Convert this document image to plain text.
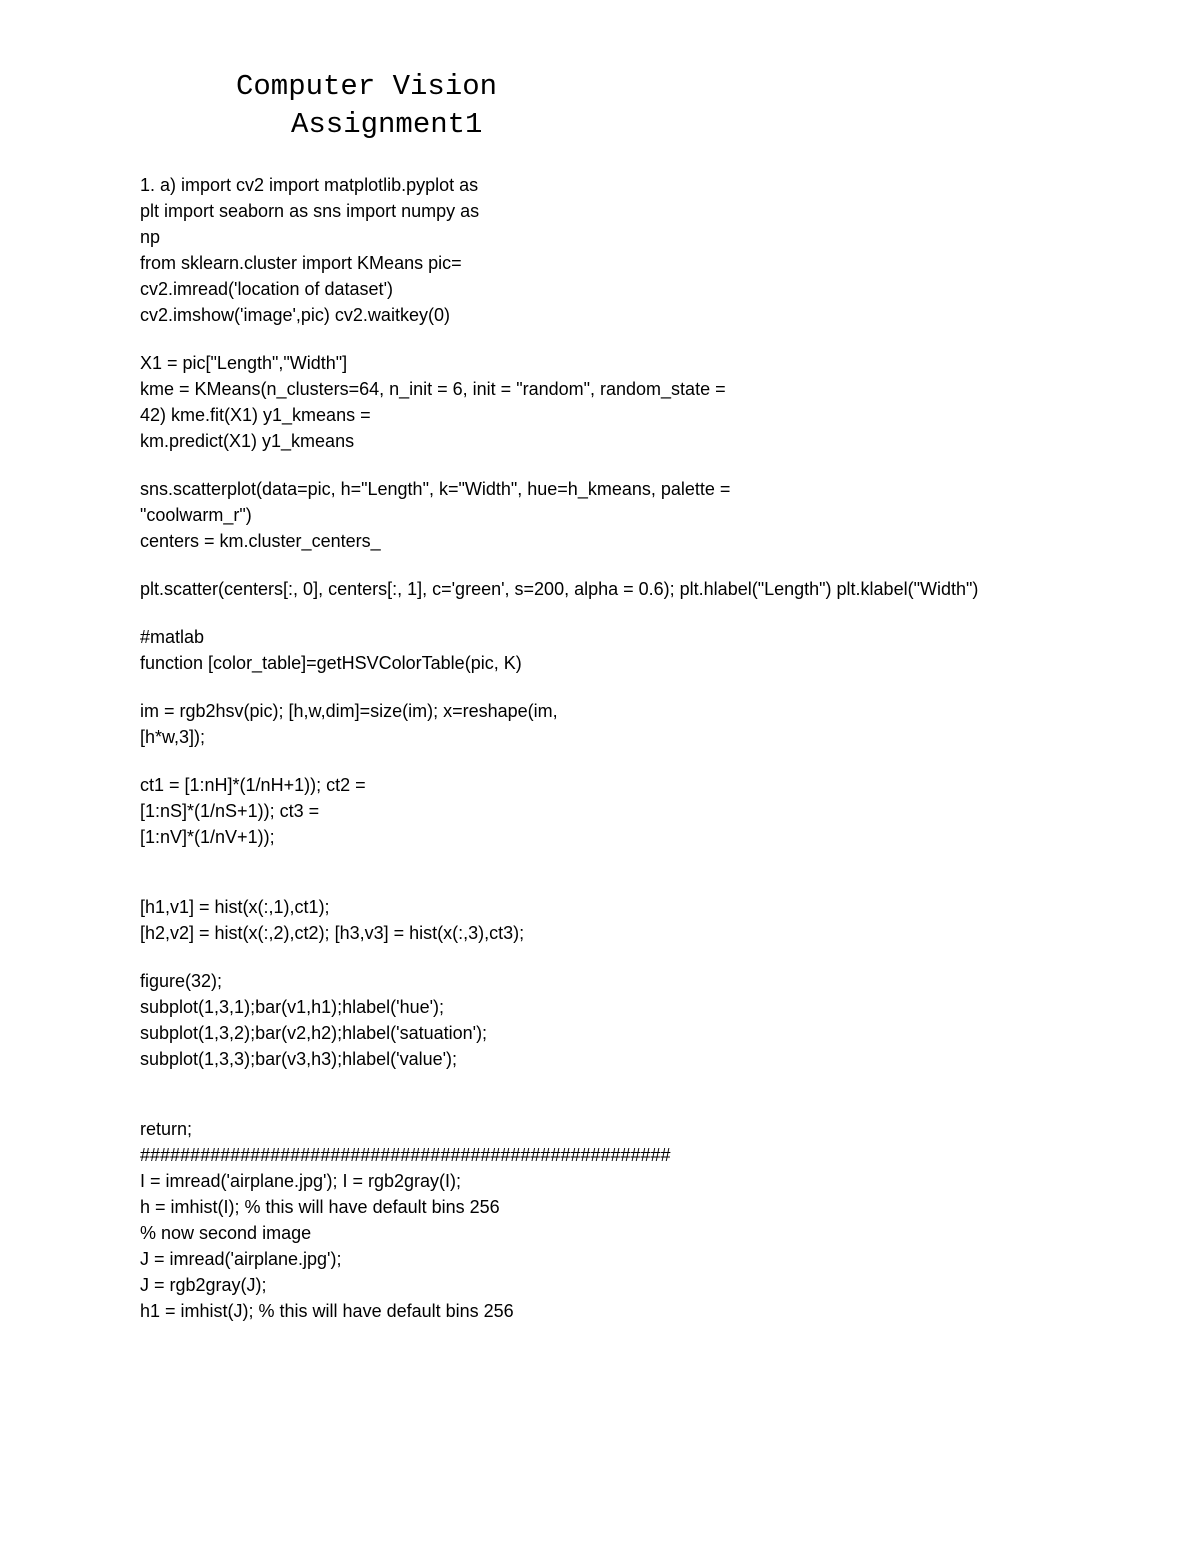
Computer Vision
Assignment1
1. a) import cv2 import matplotlib.pyplot as
plt import seaborn as sns import numpy as
np
from sklearn.cluster import KMeans pic=
cv2.imread('location of dataset')
cv2.imshow('image',pic) cv2.waitkey(0)
X1 = pic["Length","Width"]
kme = KMeans(n_clusters=64, n_init = 6, init = "random", random_state =
42) kme.fit(X1) y1_kmeans =
km.predict(X1) y1_kmeans
sns.scatterplot(data=pic, h="Length", k="Width", hue=h_kmeans, palette =
"coolwarm_r")
centers = km.cluster_centers_
plt.scatter(centers[:, 0], centers[:, 1], c='green', s=200, alpha = 0.6); plt.hlabel("Length") plt.klabel("Width")
#matlab
function [color_table]=getHSVColorTable(pic, K)
im = rgb2hsv(pic); [h,w,dim]=size(im); x=reshape(im,
[h*w,3]);
ct1 = [1:nH]*(1/nH+1)); ct2 =
[1:nS]*(1/nS+1)); ct3 =
[1:nV]*(1/nV+1));
[h1,v1] = hist(x(:,1),ct1);
[h2,v2] = hist(x(:,2),ct2); [h3,v3] = hist(x(:,3),ct3);
figure(32);
subplot(1,3,1);bar(v1,h1);hlabel('hue');
subplot(1,3,2);bar(v2,h2);hlabel('satuation');
subplot(1,3,3);bar(v3,h3);hlabel('value');
return;
#####################################################
I = imread('airplane.jpg'); I = rgb2gray(I);
h = imhist(I); % this will have default bins 256
% now second image
J = imread('airplane.jpg');
J = rgb2gray(J);
h1 = imhist(J); % this will have default bins 256
